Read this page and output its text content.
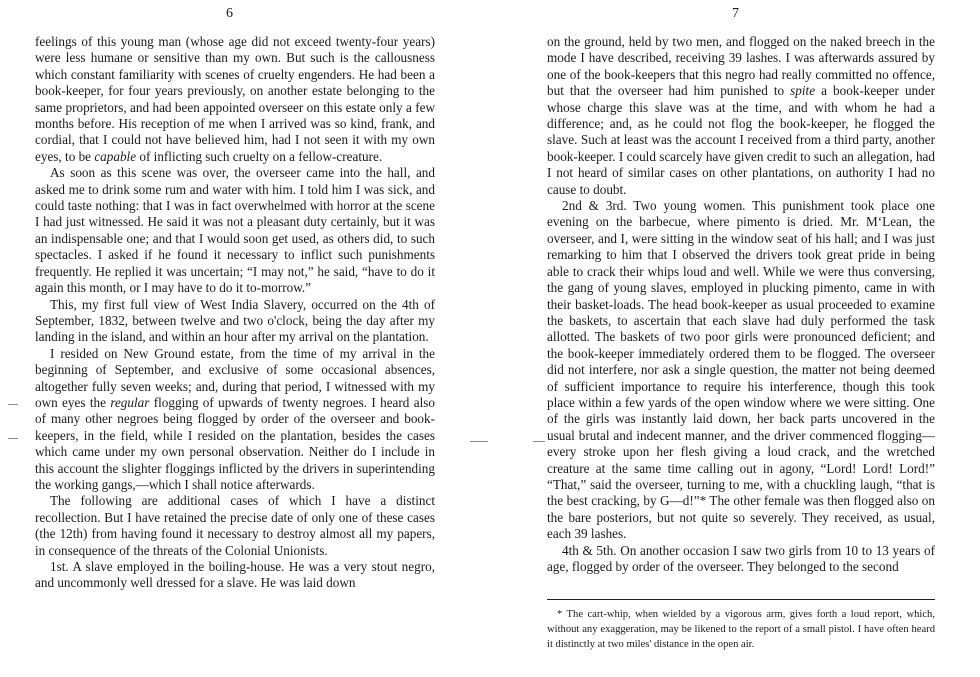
6

feelings of this young man (whose age did not exceed twenty-four years) were less humane or sensitive than my own. But such is the callousness which constant familiarity with scenes of cruelty engenders. He had been a book-keeper, for four years previously, on another estate belonging to the same proprietors, and had been appointed overseer on this estate only a few months before. His reception of me when I arrived was so kind, frank, and cordial, that I could not have believed him, had I not seen it with my own eyes, to be capable of inflicting such cruelty on a fellow-creature.

As soon as this scene was over, the overseer came into the hall, and asked me to drink some rum and water with him. I told him I was sick, and could taste nothing: that I was in fact overwhelmed with horror at the scene I had just witnessed. He said it was not a pleasant duty certainly, but it was an indispensable one; and that I would soon get used, as others did, to such spectacles. I asked if he found it necessary to inflict such punishments frequently. He replied it was uncertain; “I may not,” he said, “have to do it again this month, or I may have to do it to-morrow.”

This, my first full view of West India Slavery, occurred on the 4th of September, 1832, between twelve and two o'clock, being the day after my landing in the island, and within an hour after my arrival on the plantation.

I resided on New Ground estate, from the time of my arrival in the beginning of September, and exclusive of some occasional absences, altogether fully seven weeks; and, during that period, I witnessed with my own eyes the regular flogging of upwards of twenty negroes. I heard also of many other negroes being flogged by order of the overseer and book-keepers, in the field, while I resided on the plantation, besides the cases which came under my own personal observation. Neither do I include in this account the slighter floggings inflicted by the drivers in superintending the working gangs,—which I shall notice afterwards.

The following are additional cases of which I have a distinct recollection. But I have retained the precise date of only one of these cases (the 12th) from having found it necessary to destroy almost all my papers, in consequence of the threats of the Colonial Unionists.

1st. A slave employed in the boiling-house. He was a very stout negro, and uncommonly well dressed for a slave. He was laid down

7

on the ground, held by two men, and flogged on the naked breech in the mode I have described, receiving 39 lashes. I was afterwards assured by one of the book-keepers that this negro had really committed no offence, but that the overseer had him punished to spite a book-keeper under whose charge this slave was at the time, and with whom he had a difference; and, as he could not flog the book-keeper, he flogged the slave. Such at least was the account I received from a third party, another book-keeper. I could scarcely have given credit to such an allegation, had I not heard of similar cases on other plantations, on authority I had no cause to doubt.

2nd & 3rd. Two young women. This punishment took place one evening on the barbecue, where pimento is dried. Mr. M‘Lean, the overseer, and I, were sitting in the window seat of his hall; and I was just remarking to him that I observed the drivers took great pride in being able to crack their whips loud and well. While we were thus conversing, the gang of young slaves, employed in plucking pimento, came in with their basket-loads. The head book-keeper as usual proceeded to examine the baskets, to ascertain that each slave had duly performed the task allotted. The baskets of two poor girls were pronounced deficient; and the book-keeper immediately ordered them to be flogged. The overseer did not interfere, nor ask a single question, the matter not being deemed of sufficient importance to require his interference, though this took place within a few yards of the open window where we were sitting. One of the girls was instantly laid down, her back parts uncovered in the usual brutal and indecent manner, and the driver commenced flogging—every stroke upon her flesh giving a loud crack, and the wretched creature at the same time calling out in agony, “Lord! Lord! Lord!” “That,” said the overseer, turning to me, with a chuckling laugh, “that is the best cracking, by G—d!”* The other female was then flogged also on the bare posteriors, but not quite so severely. They received, as usual, each 39 lashes.

4th & 5th. On another occasion I saw two girls from 10 to 13 years of age, flogged by order of the overseer. They belonged to the second

* The cart-whip, when wielded by a vigorous arm, gives forth a loud report, which, without any exaggeration, may be likened to the report of a small pistol. I have often heard it distinctly at two miles' distance in the open air.
